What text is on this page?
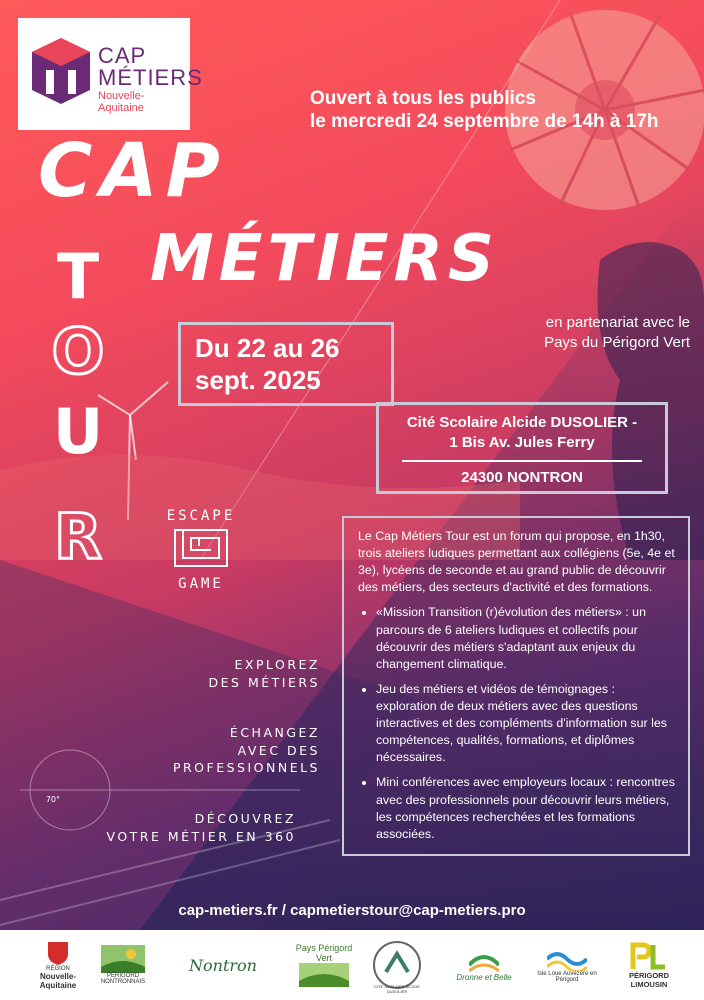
CAP
MÉTIERS
Nouvelle-Aquitaine	Ouvert à tous les publics
le mercredi 24 septembre de 14h à 17h
CAP
MÉTIERS
T
O
U
R
Du 22 au 26
sept. 2025
en partenariat avec le
Pays du Périgord Vert
Cité Scolaire Alcide DUSOLIER -
1 Bis Av. Jules Ferry
24300 NONTRON
ESCAPE
GAME
EXPLOREZ
DES MÉTIERS
ÉCHANGEZ
AVEC DES
PROFESSIONNELS
DÉCOUVREZ
VOTRE MÉTIER EN 360
70°

Le Cap Métiers Tour est un forum qui propose, en 1h30, trois ateliers ludiques permettant aux collégiens (5e, 4e et 3e), lycéens de seconde et au grand public de découvrir des métiers, des secteurs d'activité et des formations.

• «Mission Transition (r)évolution des métiers» : un parcours de 6 ateliers ludiques et collectifs pour découvrir des métiers s'adaptant aux enjeux du changement climatique.
• Jeu des métiers et vidéos de témoignages : exploration de deux métiers avec des questions interactives et des compléments d'information sur les compétences, qualités, formations, et diplômes nécessaires.
• Mini conférences avec employeurs locaux : rencontres avec des professionnels pour découvrir leurs métiers, les compétences recherchées et les formations associées.
cap-metiers.fr / capmetierstour@cap-metiers.pro
RÉGION
Nouvelle-Aquitaine
PÉRIGORD NONTRONNAIS
Nontron
Pays Périgord Vert
CITÉ SCOLAIRE ALCIDE DUSOLIER
Dronne et Belle	Isle Loue Auvézère en Périgord	PÉRIGORD LIMOUSIN
